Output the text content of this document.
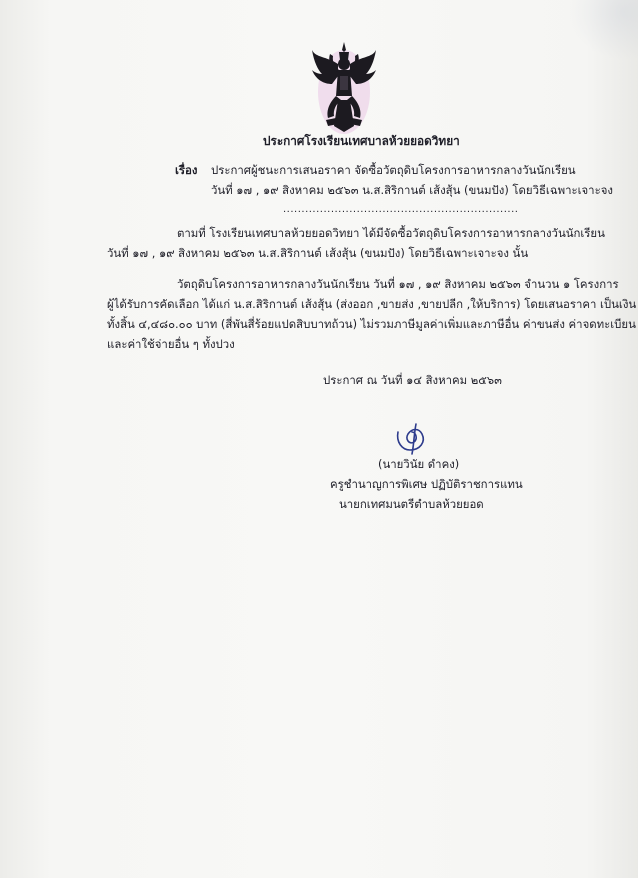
ประกาศโรงเรียนเทศบาลห้วยยอดวิทยา
เรื่อง ประกาศผู้ชนะการเสนอราคา จัดซื้อวัตถุดิบโครงการอาหารกลางวันนักเรียน
วันที่ ๑๗ , ๑๙ สิงหาคม ๒๕๖๓ น.ส.สิริกานต์ เส้งสุ้น (ขนมปัง) โดยวิธีเฉพาะเจาะจง
................................................................
ตามที่ โรงเรียนเทศบาลห้วยยอดวิทยา ได้มีจัดซื้อวัตถุดิบโครงการอาหารกลางวันนักเรียน
วันที่ ๑๗ , ๑๙ สิงหาคม ๒๕๖๓ น.ส.สิริกานต์ เส้งสุ้น (ขนมปัง) โดยวิธีเฉพาะเจาะจง นั้น
วัตถุดิบโครงการอาหารกลางวันนักเรียน วันที่ ๑๗ , ๑๙ สิงหาคม ๒๕๖๓ จำนวน ๑ โครงการ
ผู้ได้รับการคัดเลือก ได้แก่ น.ส.สิริกานต์ เส้งสุ้น (ส่งออก ,ขายส่ง ,ขายปลีก ,ให้บริการ) โดยเสนอราคา เป็นเงิน
ทั้งสิ้น ๔,๔๘๐.๐๐ บาท (สี่พันสี่ร้อยแปดสิบบาทถ้วน) ไม่รวมภาษีมูลค่าเพิ่มและภาษีอื่น ค่าขนส่ง ค่าจดทะเบียน
และค่าใช้จ่ายอื่น ๆ ทั้งปวง
ประกาศ ณ วันที่ ๑๔ สิงหาคม ๒๕๖๓
(นายวินัย ดำคง)
ครูชำนาญการพิเศษ ปฏิบัติราชการแทน
นายกเทศมนตรีตำบลห้วยยอด
